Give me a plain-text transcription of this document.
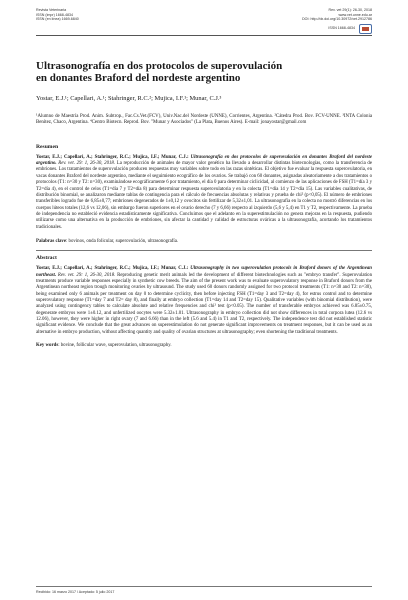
Revista Veterinaria
ISSN (impr) 1668-4834
ISSN (en línea) 1669-6840
Rev. vet 29(1): 26-30, 2018
www.vet.unne.edu.ar
DOI: http://dx.doi.org/10.30972/vet.2912786
ISSN 1668-4834
Ultrasonografía en dos protocolos de superovulación
en donantes Braford del nordeste argentino
Yostar, E.J.¹; Capellari, A.¹; Stahringer, R.C.²; Mujica, I.F.¹; Munar, C.J.³
¹Alumno de Maestría Prod. Anim. Subtrop., Fac.Cs.Vet.(FCV), Univ.Nac.del Nordeste (UNNE), Corrientes, Argentina. ²Cátedra Prod. Bov. FCV-UNNE. ³INTA Colonia Benítez, Chaco, Argentina. ⁴Centro Biotecn. Reprod. Bov. "Munar y Asociados" (La Plata, Buenos Aires). E-mail: jonayostar@gmail.com
Resumen
Yostar, E.J.; Capellari, A.; Stahringer, R.C.; Mujica, I.F.; Munar, C.J.: Ultrasonografía en dos protocolos de superovulación en donantes Braford del nordeste argentino. Rev. vet. 29: 1, 26-30, 2018. La reproducción de animales de mayor valor genético ha llevado a desarrollar distintas biotecnologías, como la transferencia de embriones. Los tratamientos de superovulación producen respuestas muy variables sobre todo en las razas sintéticas. El objetivo fue evaluar la respuesta superovulatoria, en vacas donantes Braford del nordeste argentino, mediante el seguimiento ecográfico de los ovarios. Se trabajó con 60 donantes, asignadas aleatoriamente a dos tratamientos o protocolos (T1: n=30 y T2: n=30), examinándose ecográficamente 6 por tratamiento, el día 0 para determinar ciclicidad, al comienzo de las aplicaciones de FSH (T1=día 3 y T2=día 4), en el control de celos (T1=día 7 y T2=día 8) para determinar respuesta superovulatoria y en la colecta (T1=día 14 y T2=día 15). Las variables cualitativas, de distribución binomial, se analizaron mediante tablas de contingencia para el cálculo de frecuencias absolutas y relativas y prueba de chi² (p<0,05). El número de embriones transferibles logrado fue de 6,85±0,77; embriones degenerados de 1±0,12 y ovocitos sin fertilizar de 5,32±1,01. La ultrasonografía en la colecta no mostró diferencias en los cuerpos lúteos totales (12,6 vs 12,06), sin embargo fueron superiores en el ovario derecho (7 y 6,66) respecto al izquierdo (5,6 y 5,4) en T1 y T2, respectivamente. La prueba de independencia no estableció evidencia estadísticamente significativa. Concluimos que el adelanto en la superestimulación no genera mejoras en la respuesta, pudiendo utilizarse como una alternativa en la producción de embriones, sin afectar la cantidad y calidad de estructuras ováricas a la ultrasonografía, acortando los tratamientos tradicionales.
Palabras clave: bovinos, onda folicular, superovulación, ultrasonografía.
Abstract
Yostar, E.J.; Capellari, A.; Stahringer, R.C.; Mujica, I.F.; Munar, C.J.: Ultrasonography in two superovulation protocols in Braford donors of the Argentinean northeast. Rev. vet. 29: 1, 26-30, 2018. Reproducing genetic merit animals led the development of different biotechnologies such as "embryo transfer". Superovulation treatments produce variable responses especially in synthetic cow breeds. The aim of the present work was to evaluate superovulatory response in Braford donors from the Argentinean northeast region trough monitoring ovaries by ultrasound. The study used 60 donors randomly assigned for two protocol treatments (T1: n=30 and T2: n=30), being examined only 6 animals per treatment on day 0 to determine cyclicity, then before injecting FSH (T1=day 3 and T2=day 4), for estrus control and to determine superovulatory response (T1=day 7 and T2= day 8), and finally at embryo collection (T1=day 14 and T2=day 15). Qualitative variables (with binomial distribution), were analyzed using contingency tables to calculate absolute and relative frequencies and chi² test (p<0.05). The number of transferable embryos achieved was 6.85±0.75, degenerate embryos were 1±0.12, and unfertilized oocytes were 5.32±1.01. Ultrasonography in embryo collection did not show differences in total corpora lutea (12.6 vs 12.06), however, they were higher in right ovary (7 and 6.66) than in the left (5.6 and 5.4) in T1 and T2, respectively. The independence test did not established statistic significant evidence. We conclude that the great advances on superestimulation do not generate significant improvements on treatment responses, but it can be used as an alternative in embryo production, without affecting quantity and quality of ovarian structures at ultrasonography; even shortening the traditional treatments.
Key words: bovine, follicular wave, superovulation, ultrasonography.
Recibido: 16 marzo 2017 / Aceptado: 5 julio 2017
